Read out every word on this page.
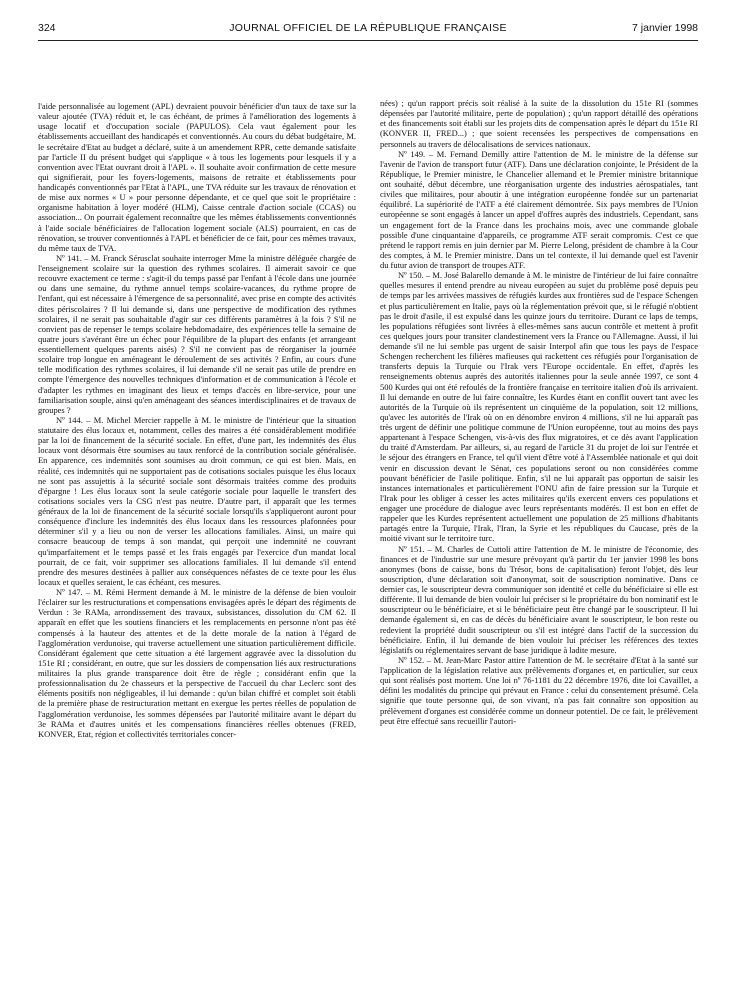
324	JOURNAL OFFICIEL DE LA RÉPUBLIQUE FRANÇAISE	7 janvier 1998

l'aide personnalisée au logement (APL) devraient pouvoir bénéficier d'un taux de taxe sur la valeur ajoutée (TVA) réduit et, le cas échéant, de primes à l'amélioration des logements à usage locatif et d'occupation sociale (PAPULOS). Cela vaut également pour les établissements accueillant des handicapés et conventionnés. Au cours du débat budgétaire, M. le secrétaire d'Etat au budget a déclaré, suite à un amendement RPR, cette demande satisfaite par l'article II du présent budget qui s'applique « à tous les logements pour lesquels il y a convention avec l'Etat ouvrant droit à l'APL ». Il souhaite avoir confirmation de cette mesure qui signifierait, pour les foyers-logements, maisons de retraite et établissements pour handicapés conventionnés par l'Etat à l'APL, une TVA réduite sur les travaux de rénovation et de mise aux normes « U » pour personne dépendante, et ce quel que soit le propriétaire : organisme habitation à loyer modéré (HLM), Caisse centrale d'action sociale (CCAS) ou association... On pourrait également reconnaître que les mêmes établissements conventionnés à l'aide sociale bénéficiaires de l'allocation logement sociale (ALS) pourraient, en cas de rénovation, se trouver conventionnés à l'APL et bénéficier de ce fait, pour ces mêmes travaux, du même taux de TVA.

Nº 141. – M. Franck Sérusclat souhaite interroger Mme la ministre déléguée chargée de l'enseignement scolaire sur la question des rythmes scolaires. Il aimerait savoir ce que recouvre exactement ce terme : s'agit-il du temps passé par l'enfant à l'école dans une journée ou dans une semaine, du rythme annuel temps scolaire-vacances, du rythme propre de l'enfant, qui est nécessaire à l'émergence de sa personnalité, avec prise en compte des activités dites périscolaires ? Il lui demande si, dans une perspective de modification des rythmes scolaires, il ne serait pas souhaitable d'agir sur ces différents paramètres à la fois ? S'il ne convient pas de repenser le temps scolaire hebdomadaire, des expériences telle la semaine de quatre jours s'avérant être un échec pour l'équilibre de la plupart des enfants (et arrangeant essentiellement quelques parents aisés) ? S'il ne convient pas de réorganiser la journée scolaire trop longue en aménageant le déroulement de ses activités ? Enfin, au cours d'une telle modification des rythmes scolaires, il lui demande s'il ne serait pas utile de prendre en compte l'émergence des nouvelles techniques d'information et de communication à l'école et d'adapter les rythmes en imaginant des lieux et temps d'accès en libre-service, pour une familiarisation souple, ainsi qu'en aménageant des séances interdisciplinaires et de travaux de groupes ?

Nº 144. – M. Michel Mercier rappelle à M. le ministre de l'intérieur que la situation statutaire des élus locaux et, notamment, celles des maires a été considérablement modifiée par la loi de financement de la sécurité sociale. En effet, d'une part, les indemnités des élus locaux vont désormais être soumises au taux renforcé de la contribution sociale généralisée. En apparence, ces indemnités sont soumises au droit commun, ce qui est bien. Mais, en réalité, ces indemnités qui ne supportaient pas de cotisations sociales puisque les élus locaux ne sont pas assujettis à la sécurité sociale sont désormais traitées comme des produits d'épargne ! Les élus locaux sont la seule catégorie sociale pour laquelle le transfert des cotisations sociales vers la CSG n'est pas neutre. D'autre part, il apparaît que les termes généraux de la loi de financement de la sécurité sociale lorsqu'ils s'appliqueront auront pour conséquence d'inclure les indemnités des élus locaux dans les ressources plafonnées pour déterminer s'il y a lieu ou non de verser les allocations familiales. Ainsi, un maire qui consacre beaucoup de temps à son mandat, qui perçoit une indemnité ne couvrant qu'imparfaitement et le temps passé et les frais engagés par l'exercice d'un mandat local pourrait, de ce fait, voir supprimer ses allocations familiales. Il lui demande s'il entend prendre des mesures destinées à pallier aux conséquences néfastes de ce texte pour les élus locaux et quelles seraient, le cas échéant, ces mesures.

Nº 147. – M. Rémi Herment demande à M. le ministre de la défense de bien vouloir l'éclairer sur les restructurations et compensations envisagées après le départ des régiments de Verdun : 3e RAMa, arrondissement des travaux, subsistances, dissolution du CM 62. Il apparaît en effet que les soutiens financiers et les remplacements en personne n'ont pas été compensés à la hauteur des attentes et de la dette morale de la nation à l'égard de l'agglomération verdunoise, qui traverse actuellement une situation particulièrement difficile. Considérant également que cette situation a été largement aggravée avec la dissolution du 151e RI ; considérant, en outre, que sur les dossiers de compensation liés aux restructurations militaires la plus grande transparence doit être de règle ; considérant enfin que la professionnalisation du 2e chasseurs et la perspective de l'accueil du char Leclerc sont des éléments positifs non négligeables, il lui demande : qu'un bilan chiffré et complet soit établi de la première phase de restructuration mettant en exergue les pertes réelles de population de l'agglomération verdunoise, les sommes dépensées par l'autorité militaire avant le départ du 3e RAMa et d'autres unités et les compensations financières réelles obtenues (FRED, KONVER, Etat, région et collectivités territoriales concer-

nées) ; qu'un rapport précis soit réalisé à la suite de la dissolution du 151e RI (sommes dépensées par l'autorité militaire, perte de population) ; qu'un rapport détaillé des opérations et des financements soit établi sur les projets dits de compensation après le départ du 151e RI (KONVER II, FRED...) ; que soient recensées les perspectives de compensations en personnels au travers de délocalisations de services nationaux.

Nº 149. – M. Fernand Demilly attire l'attention de M. le ministre de la défense sur l'avenir de l'avion de transport futur (ATF). Dans une déclaration conjointe, le Président de la République, le Premier ministre, le Chancelier allemand et le Premier ministre britannique ont souhaité, début décembre, une réorganisation urgente des industries aérospatiales, tant civiles que militaires, pour aboutir à une intégration européenne fondée sur un partenariat équilibré. La supériorité de l'ATF a été clairement démontrée. Six pays membres de l'Union européenne se sont engagés à lancer un appel d'offres auprès des industriels. Cependant, sans un engagement fort de la France dans les prochains mois, avec une commande globale possible d'une cinquantaine d'appareils, ce programme ATF serait compromis. C'est ce que prétend le rapport remis en juin dernier par M. Pierre Lelong, président de chambre à la Cour des comptes, à M. le Premier ministre. Dans un tel contexte, il lui demande quel est l'avenir du futur avion de transport de troupes ATF.

Nº 150. – M. José Balarello demande à M. le ministre de l'intérieur de lui faire connaître quelles mesures il entend prendre au niveau européen au sujet du problème posé depuis peu de temps par les arrivées massives de réfugiés kurdes aux frontières sud de l'espace Schengen et plus particulièrement en Italie, pays où la réglementation prévoit que, si le réfugié n'obtient pas le droit d'asile, il est expulsé dans les quinze jours du territoire. Durant ce laps de temps, les populations réfugiées sont livrées à elles-mêmes sans aucun contrôle et mettent à profit ces quelques jours pour transiter clandestinement vers la France ou l'Allemagne. Aussi, il lui demande s'il ne lui semble pas urgent de saisir Interpol afin que tous les pays de l'espace Schengen recherchent les filières mafieuses qui rackettent ces réfugiés pour l'organisation de transferts depuis la Turquie ou l'Irak vers l'Europe occidentale. En effet, d'après les renseignements obtenus auprès des autorités italiennes pour la seule année 1997, ce sont 4 500 Kurdes qui ont été refoulés de la frontière française en territoire italien d'où ils arrivaient. Il lui demande en outre de lui faire connaître, les Kurdes étant en conflit ouvert tant avec les autorités de la Turquie où ils représentent un cinquième de la population, soit 12 millions, qu'avec les autorités de l'Irak où on en dénombre environ 4 millions, s'il ne lui apparaît pas très urgent de définir une politique commune de l'Union européenne, tout au moins des pays appartenant à l'espace Schengen, vis-à-vis des flux migratoires, et ce dès avant l'application du traité d'Amsterdam. Par ailleurs, si, au regard de l'article 31 du projet de loi sur l'entrée et le séjour des étrangers en France, tel qu'il vient d'être voté à l'Assemblée nationale et qui doit venir en discussion devant le Sénat, ces populations seront ou non considérées comme pouvant bénéficier de l'asile politique. Enfin, s'il ne lui apparaît pas opportun de saisir les instances internationales et particulièrement l'ONU afin de faire pression sur la Turquie et l'Irak pour les obliger à cesser les actes militaires qu'ils exercent envers ces populations et engager une procédure de dialogue avec leurs représentants modérés. Il est bon en effet de rappeler que les Kurdes représentent actuellement une population de 25 millions d'habitants partagés entre la Turquie, l'Irak, l'Iran, la Syrie et les républiques du Caucase, près de la moitié vivant sur le territoire turc.

Nº 151. – M. Charles de Cuttoli attire l'attention de M. le ministre de l'économie, des finances et de l'industrie sur une mesure prévoyant qu'à partir du 1er janvier 1998 les bons anonymes (bons de caisse, bons du Trésor, bons de capitalisation) feront l'objet, dès leur souscription, d'une déclaration soit d'anonymat, soit de souscription nominative. Dans ce dernier cas, le souscripteur devra communiquer son identité et celle du bénéficiaire si elle est différente. Il lui demande de bien vouloir lui préciser si le propriétaire du bon nominatif est le souscripteur ou le bénéficiaire, et si le bénéficiaire peut être changé par le souscripteur. Il lui demande également si, en cas de décès du bénéficiaire avant le souscripteur, le bon reste ou redevient la propriété dudit souscripteur ou s'il est intégré dans l'actif de la succession du bénéficiaire. Enfin, il lui demande de bien vouloir lui préciser les références des textes législatifs ou réglementaires servant de base juridique à ladite mesure.

Nº 152. – M. Jean-Marc Pastor attire l'attention de M. le secrétaire d'Etat à la santé sur l'application de la législation relative aux prélèvements d'organes et, en particulier, sur ceux qui sont réalisés post mortem. Une loi nº 76-1181 du 22 décembre 1976, dite loi Cavaillet, a défini les modalités du principe qui prévaut en France : celui du consentement présumé. Cela signifie que toute personne qui, de son vivant, n'a pas fait connaître son opposition au prélèvement d'organes est considérée comme un donneur potentiel. De ce fait, le prélèvement peut être effectué sans recueillir l'autori-
